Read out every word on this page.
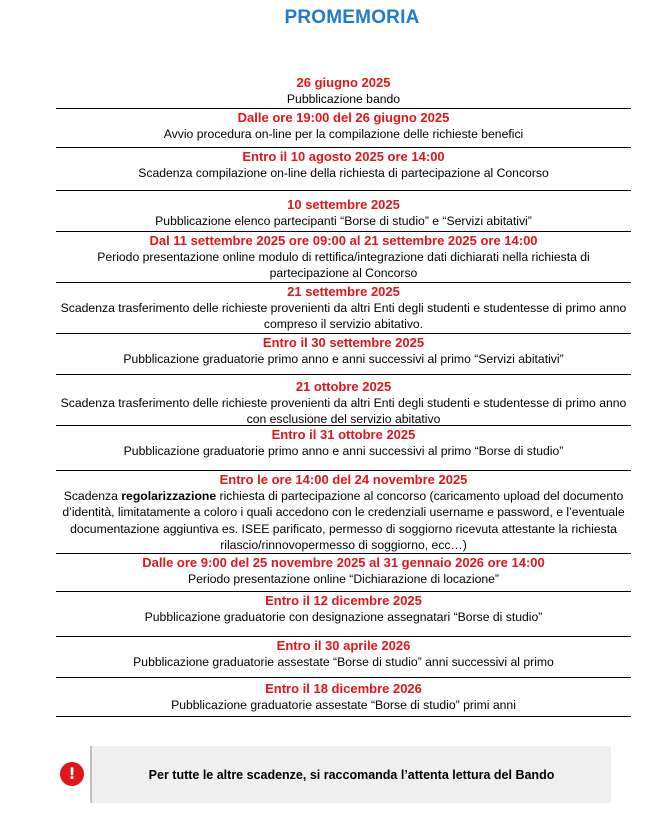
PROMEMORIA
26 giugno 2025
Pubblicazione bando
Dalle ore 19:00 del 26 giugno 2025
Avvio procedura on-line per la compilazione delle richieste benefici
Entro il 10 agosto 2025 ore 14:00
Scadenza compilazione on-line della richiesta di partecipazione al Concorso
10 settembre 2025
Pubblicazione elenco partecipanti “Borse di studio” e “Servizi abitativi”
Dal 11 settembre 2025 ore 09:00 al 21 settembre 2025 ore 14:00
Periodo presentazione online modulo di rettifica/integrazione dati dichiarati nella richiesta di partecipazione al Concorso
21 settembre 2025
Scadenza trasferimento delle richieste provenienti da altri Enti degli studenti e studentesse di primo anno compreso il servizio abitativo.
Entro il 30 settembre 2025
Pubblicazione graduatorie primo anno e anni successivi al primo “Servizi abitativi”
21 ottobre 2025
Scadenza trasferimento delle richieste provenienti da altri Enti degli studenti e studentesse di primo anno con esclusione del servizio abitativo
Entro il 31 ottobre 2025
Pubblicazione graduatorie primo anno e anni successivi al primo “Borse di studio”
Entro le ore 14:00 del 24 novembre 2025
Scadenza regolarizzazione richiesta di partecipazione al concorso (caricamento upload del documento d’identità, limitatamente a coloro i quali accedono con le credenziali username e password, e l’eventuale documentazione aggiuntiva es. ISEE parificato, permesso di soggiorno ricevuta attestante la richiesta rilascio/rinnovopermesso di soggiorno, ecc…)
Dalle ore 9:00 del 25 novembre 2025 al 31 gennaio 2026 ore 14:00
Periodo presentazione online “Dichiarazione di locazione”
Entro il 12 dicembre 2025
Pubblicazione graduatorie con designazione assegnatari “Borse di studio”
Entro il 30 aprile 2026
Pubblicazione graduatorie assestate “Borse di studio” anni successivi al primo
Entro il 18 dicembre 2026
Pubblicazione graduatorie assestate “Borse di studio” primi anni
!	Per tutte le altre scadenze, si raccomanda l’attenta lettura del Bando
